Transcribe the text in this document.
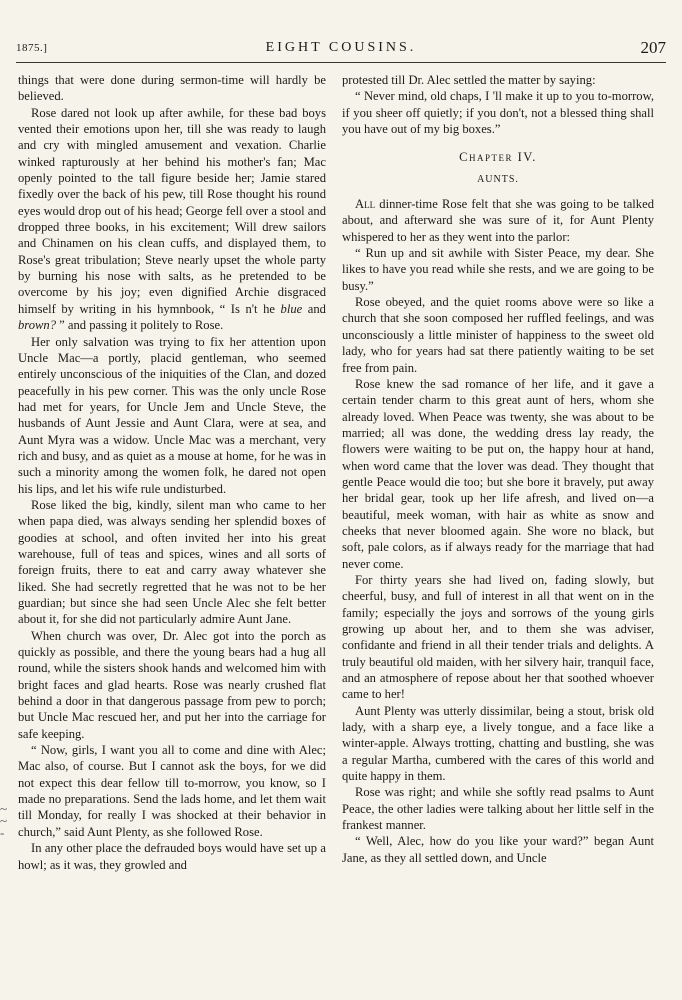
1875.]	EIGHT COUSINS.	207
~
~
-

things that were done during sermon-time will hardly be believed.

Rose dared not look up after awhile, for these bad boys vented their emotions upon her, till she was ready to laugh and cry with mingled amusement and vexation. Charlie winked rapturously at her behind his mother's fan; Mac openly pointed to the tall figure beside her; Jamie stared fixedly over the back of his pew, till Rose thought his round eyes would drop out of his head; George fell over a stool and dropped three books, in his excitement; Will drew sailors and Chinamen on his clean cuffs, and displayed them, to Rose's great tribulation; Steve nearly upset the whole party by burning his nose with salts, as he pretended to be overcome by his joy; even dignified Archie disgraced himself by writing in his hymnbook, “ Is n't he blue and brown? ” and passing it politely to Rose.

Her only salvation was trying to fix her attention upon Uncle Mac—a portly, placid gentleman, who seemed entirely unconscious of the iniquities of the Clan, and dozed peacefully in his pew corner. This was the only uncle Rose had met for years, for Uncle Jem and Uncle Steve, the husbands of Aunt Jessie and Aunt Clara, were at sea, and Aunt Myra was a widow. Uncle Mac was a merchant, very rich and busy, and as quiet as a mouse at home, for he was in such a minority among the women folk, he dared not open his lips, and let his wife rule undisturbed.

Rose liked the big, kindly, silent man who came to her when papa died, was always sending her splendid boxes of goodies at school, and often invited her into his great warehouse, full of teas and spices, wines and all sorts of foreign fruits, there to eat and carry away whatever she liked. She had secretly regretted that he was not to be her guardian; but since she had seen Uncle Alec she felt better about it, for she did not particularly admire Aunt Jane.

When church was over, Dr. Alec got into the porch as quickly as possible, and there the young bears had a hug all round, while the sisters shook hands and welcomed him with bright faces and glad hearts. Rose was nearly crushed flat behind a door in that dangerous passage from pew to porch; but Uncle Mac rescued her, and put her into the carriage for safe keeping.

“ Now, girls, I want you all to come and dine with Alec; Mac also, of course. But I cannot ask the boys, for we did not expect this dear fellow till to-morrow, you know, so I made no preparations. Send the lads home, and let them wait till Monday, for really I was shocked at their behavior in church,” said Aunt Plenty, as she followed Rose.

In any other place the defrauded boys would have set up a howl; as it was, they growled and

protested till Dr. Alec settled the matter by saying:

“ Never mind, old chaps, I 'll make it up to you to-morrow, if you sheer off quietly; if you don't, not a blessed thing shall you have out of my big boxes.”

Chapter IV.
AUNTS.

All dinner-time Rose felt that she was going to be talked about, and afterward she was sure of it, for Aunt Plenty whispered to her as they went into the parlor:

“ Run up and sit awhile with Sister Peace, my dear. She likes to have you read while she rests, and we are going to be busy.”

Rose obeyed, and the quiet rooms above were so like a church that she soon composed her ruffled feelings, and was unconsciously a little minister of happiness to the sweet old lady, who for years had sat there patiently waiting to be set free from pain.

Rose knew the sad romance of her life, and it gave a certain tender charm to this great aunt of hers, whom she already loved. When Peace was twenty, she was about to be married; all was done, the wedding dress lay ready, the flowers were waiting to be put on, the happy hour at hand, when word came that the lover was dead. They thought that gentle Peace would die too; but she bore it bravely, put away her bridal gear, took up her life afresh, and lived on—a beautiful, meek woman, with hair as white as snow and cheeks that never bloomed again. She wore no black, but soft, pale colors, as if always ready for the marriage that had never come.

For thirty years she had lived on, fading slowly, but cheerful, busy, and full of interest in all that went on in the family; especially the joys and sorrows of the young girls growing up about her, and to them she was adviser, confidante and friend in all their tender trials and delights. A truly beautiful old maiden, with her silvery hair, tranquil face, and an atmosphere of repose about her that soothed whoever came to her!

Aunt Plenty was utterly dissimilar, being a stout, brisk old lady, with a sharp eye, a lively tongue, and a face like a winter-apple. Always trotting, chatting and bustling, she was a regular Martha, cumbered with the cares of this world and quite happy in them.

Rose was right; and while she softly read psalms to Aunt Peace, the other ladies were talking about her little self in the frankest manner.

“ Well, Alec, how do you like your ward?” began Aunt Jane, as they all settled down, and Uncle
